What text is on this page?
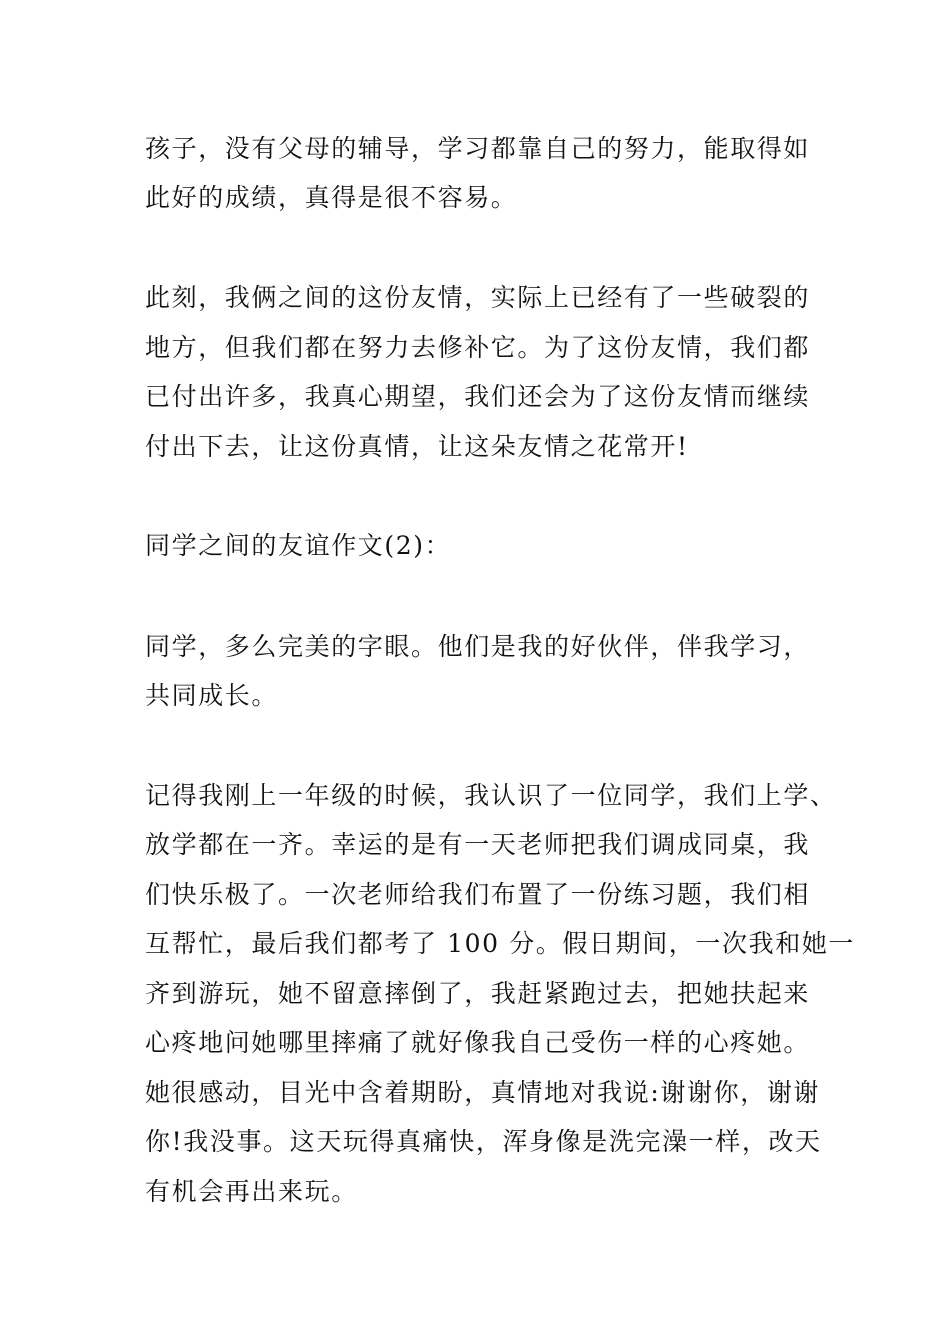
孩子，没有父母的辅导，学习都靠自己的努力，能取得如
此好的成绩，真得是很不容易。
此刻，我俩之间的这份友情，实际上已经有了一些破裂的
地方，但我们都在努力去修补它。为了这份友情，我们都
已付出许多，我真心期望，我们还会为了这份友情而继续
付出下去，让这份真情，让这朵友情之花常开!
同学之间的友谊作文(2)：
同学，多么完美的字眼。他们是我的好伙伴，伴我学习，
共同成长。
记得我刚上一年级的时候，我认识了一位同学，我们上学、
放学都在一齐。幸运的是有一天老师把我们调成同桌，我
们快乐极了。一次老师给我们布置了一份练习题，我们相
互帮忙，最后我们都考了 100 分。假日期间，一次我和她一
齐到游玩，她不留意摔倒了，我赶紧跑过去，把她扶起来
心疼地问她哪里摔痛了就好像我自己受伤一样的心疼她。
她很感动，目光中含着期盼，真情地对我说:谢谢你，谢谢
你!我没事。这天玩得真痛快，浑身像是洗完澡一样，改天
有机会再出来玩。
